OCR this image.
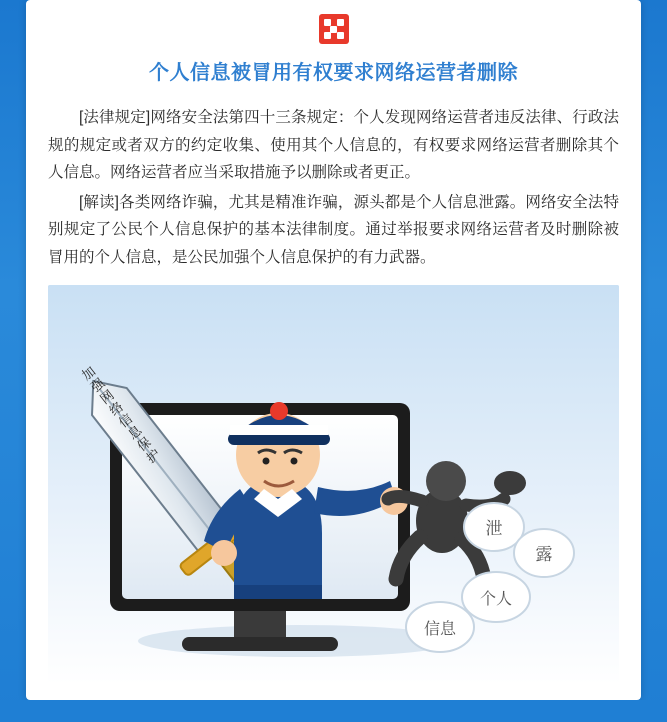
个人信息被冒用有权要求网络运营者删除

[法律规定]网络安全法第四十三条规定：个人发现网络运营者违反法律、行政法规的规定或者双方的约定收集、使用其个人信息的，有权要求网络运营者删除其个人信息。网络运营者应当采取措施予以删除或者更正。

[解读]各类网络诈骗，尤其是精准诈骗，源头都是个人信息泄露。网络安全法特别规定了公民个人信息保护的基本法律制度。通过举报要求网络运营者及时删除被冒用的个人信息，是公民加强个人信息保护的有力武器。

加强网络信息保护
泄
露
个人
信息
